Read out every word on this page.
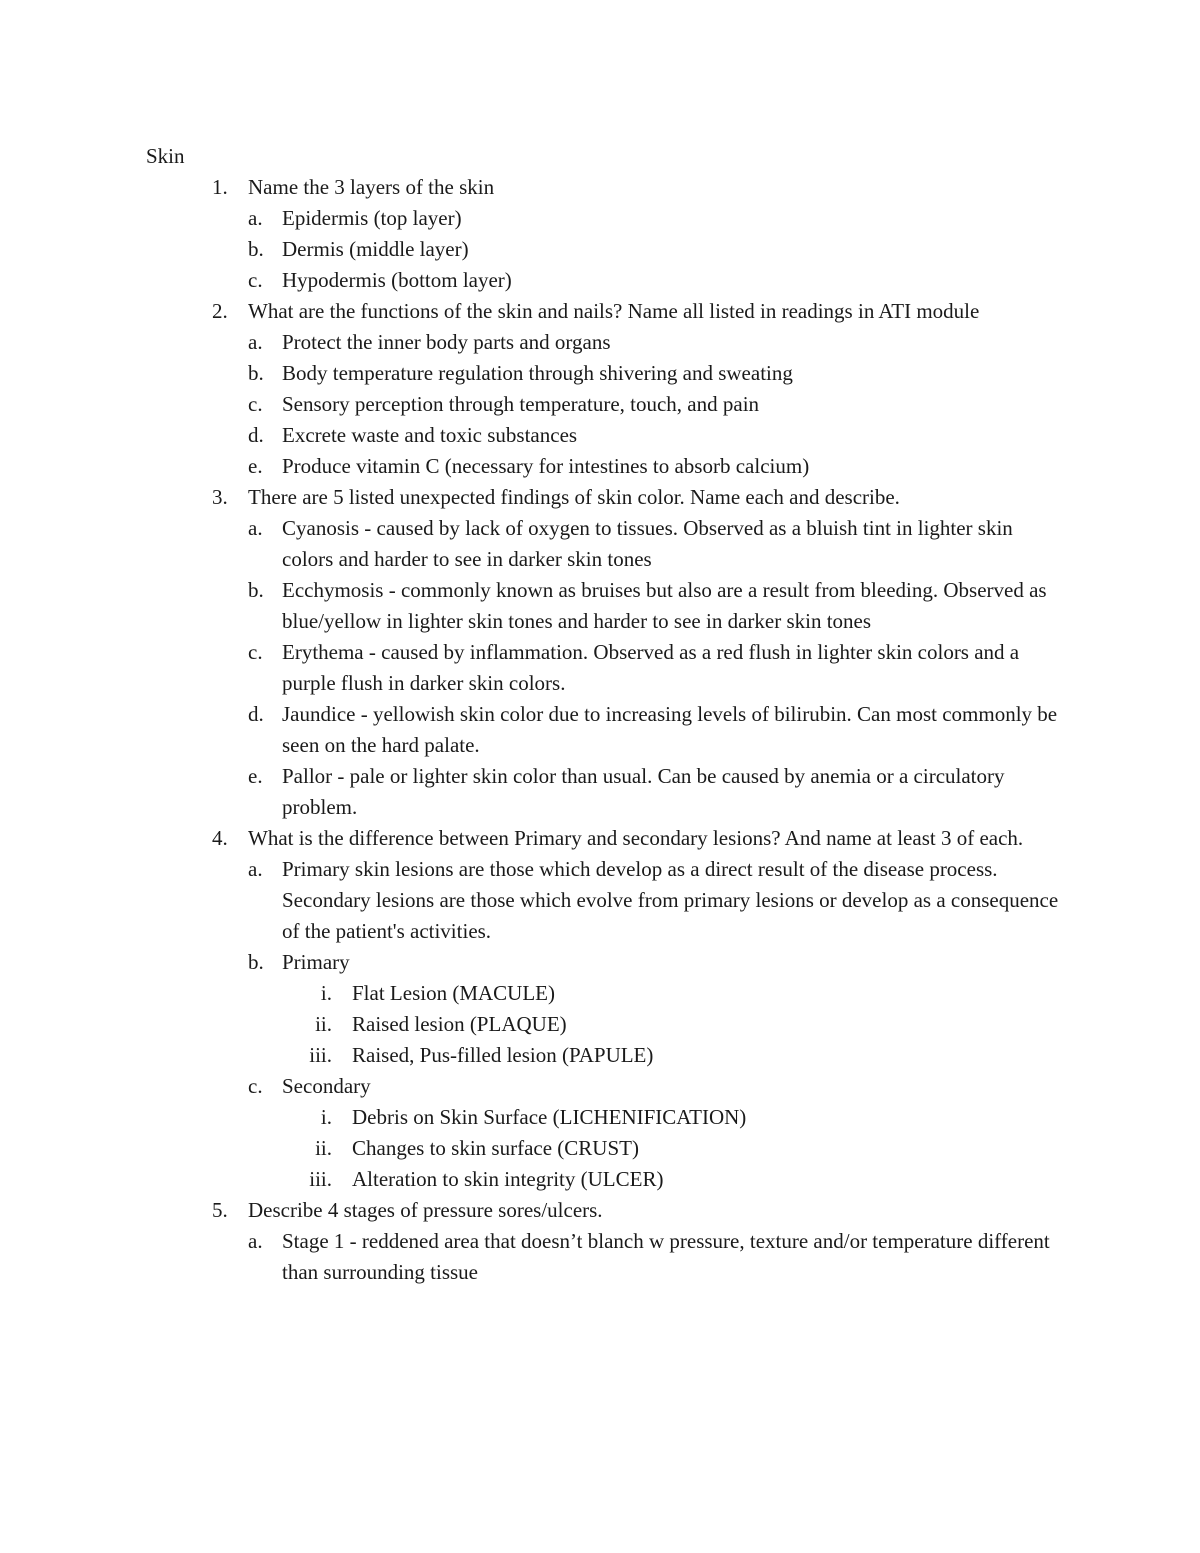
Skin
1. Name the 3 layers of the skin
a. Epidermis (top layer)
b. Dermis (middle layer)
c. Hypodermis (bottom layer)
2. What are the functions of the skin and nails? Name all listed in readings in ATI module
a. Protect the inner body parts and organs
b. Body temperature regulation through shivering and sweating
c. Sensory perception through temperature, touch, and pain
d. Excrete waste and toxic substances
e. Produce vitamin C (necessary for intestines to absorb calcium)
3. There are 5 listed unexpected findings of skin color. Name each and describe.
a. Cyanosis - caused by lack of oxygen to tissues. Observed as a bluish tint in lighter skin colors and harder to see in darker skin tones
b. Ecchymosis - commonly known as bruises but also are a result from bleeding. Observed as blue/yellow in lighter skin tones and harder to see in darker skin tones
c. Erythema - caused by inflammation. Observed as a red flush in lighter skin colors and a purple flush in darker skin colors.
d. Jaundice - yellowish skin color due to increasing levels of bilirubin. Can most commonly be seen on the hard palate.
e. Pallor - pale or lighter skin color than usual. Can be caused by anemia or a circulatory problem.
4. What is the difference between Primary and secondary lesions? And name at least 3 of each.
a. Primary skin lesions are those which develop as a direct result of the disease process. Secondary lesions are those which evolve from primary lesions or develop as a consequence of the patient's activities.
b. Primary
i. Flat Lesion (MACULE)
ii. Raised lesion (PLAQUE)
iii. Raised, Pus-filled lesion (PAPULE)
c. Secondary
i. Debris on Skin Surface (LICHENIFICATION)
ii. Changes to skin surface (CRUST)
iii. Alteration to skin integrity (ULCER)
5. Describe 4 stages of pressure sores/ulcers.
a. Stage 1 - reddened area that doesn’t blanch w pressure, texture and/or temperature different than surrounding tissue
